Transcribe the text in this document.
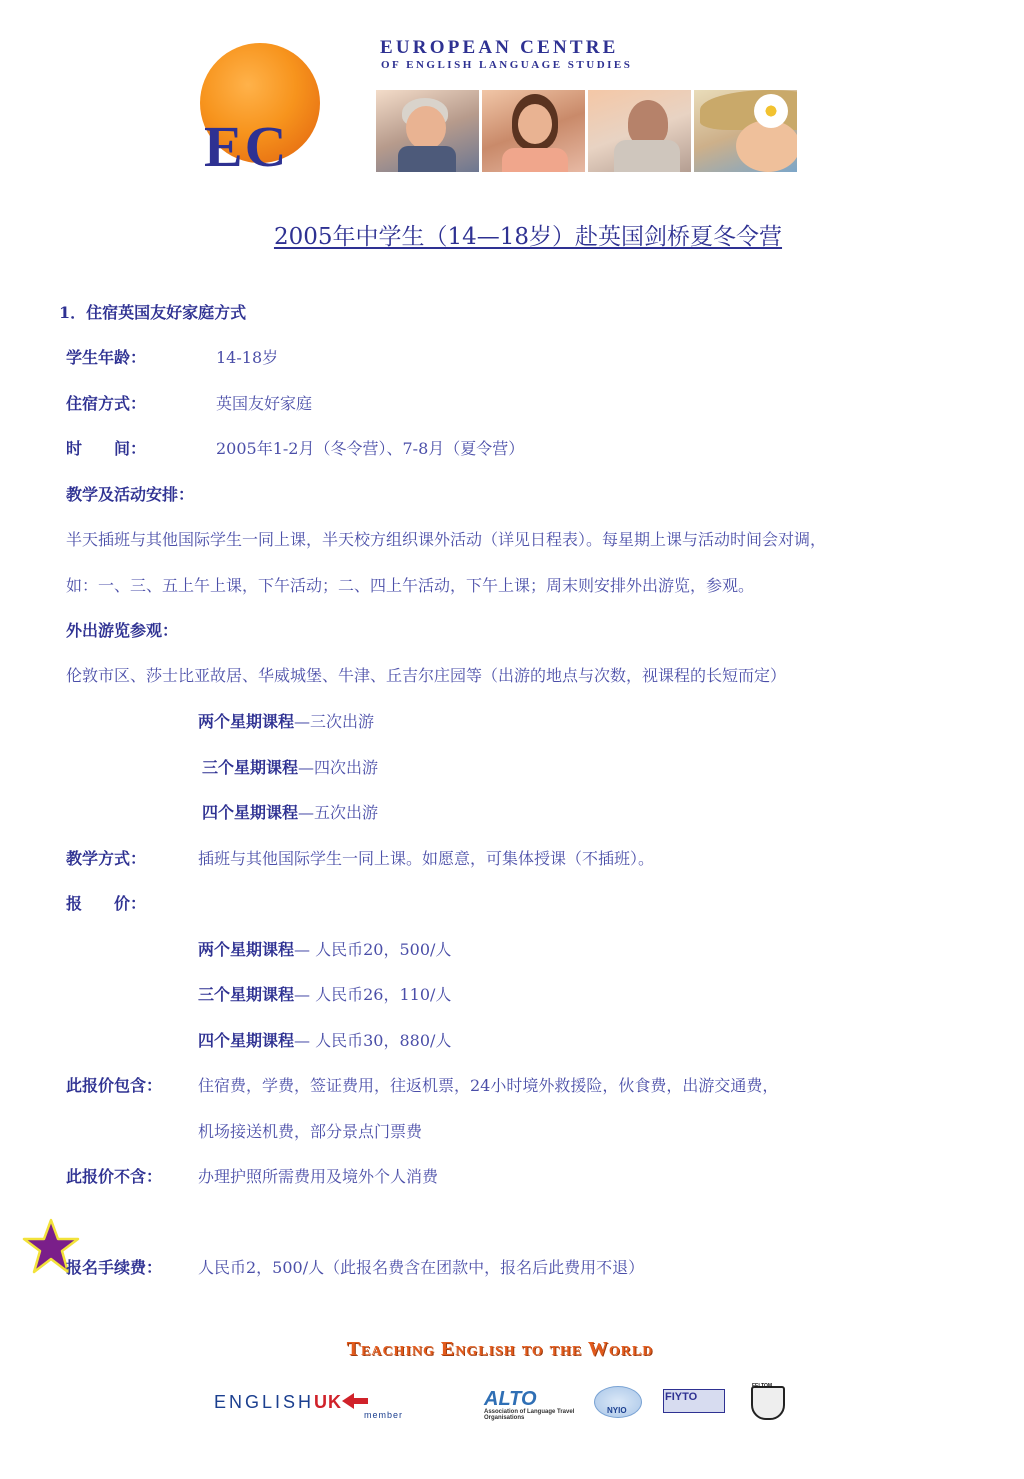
EC
EUROPEAN CENTRE
OF ENGLISH LANGUAGE STUDIES
2005年中学生（14—18岁）赴英国剑桥夏冬令营
1．住宿英国友好家庭方式
学生年龄：	14-18岁
住宿方式：	英国友好家庭
时　　间：	2005年1-2月（冬令营）、7-8月（夏令营）
教学及活动安排：
半天插班与其他国际学生一同上课，半天校方组织课外活动（详见日程表）。每星期上课与活动时间会对调，
如：一、三、五上午上课，下午活动；二、四上午活动，下午上课；周末则安排外出游览，参观。
外出游览参观：
伦敦市区、莎士比亚故居、华威城堡、牛津、丘吉尔庄园等（出游的地点与次数，视课程的长短而定）
两个星期课程—三次出游
三个星期课程—四次出游
四个星期课程—五次出游
教学方式：	插班与其他国际学生一同上课。如愿意，可集体授课（不插班）。
报　　价：
两个星期课程— 人民币20，500/人
三个星期课程— 人民币26，110/人
四个星期课程— 人民币30，880/人
此报价包含： 住宿费，学费，签证费用，往返机票，24小时境外救援险，伙食费，出游交通费，
机场接送机费，部分景点门票费
此报价不含： 办理护照所需费用及境外个人消费
报名手续费： 人民币2，500/人（此报名费含在团款中，报名后此费用不退）
Teaching English to the World
ENGLISHUK
member
ALTO
Association of Language Travel Organisations
NYIO
FIYTO
FELTOM
